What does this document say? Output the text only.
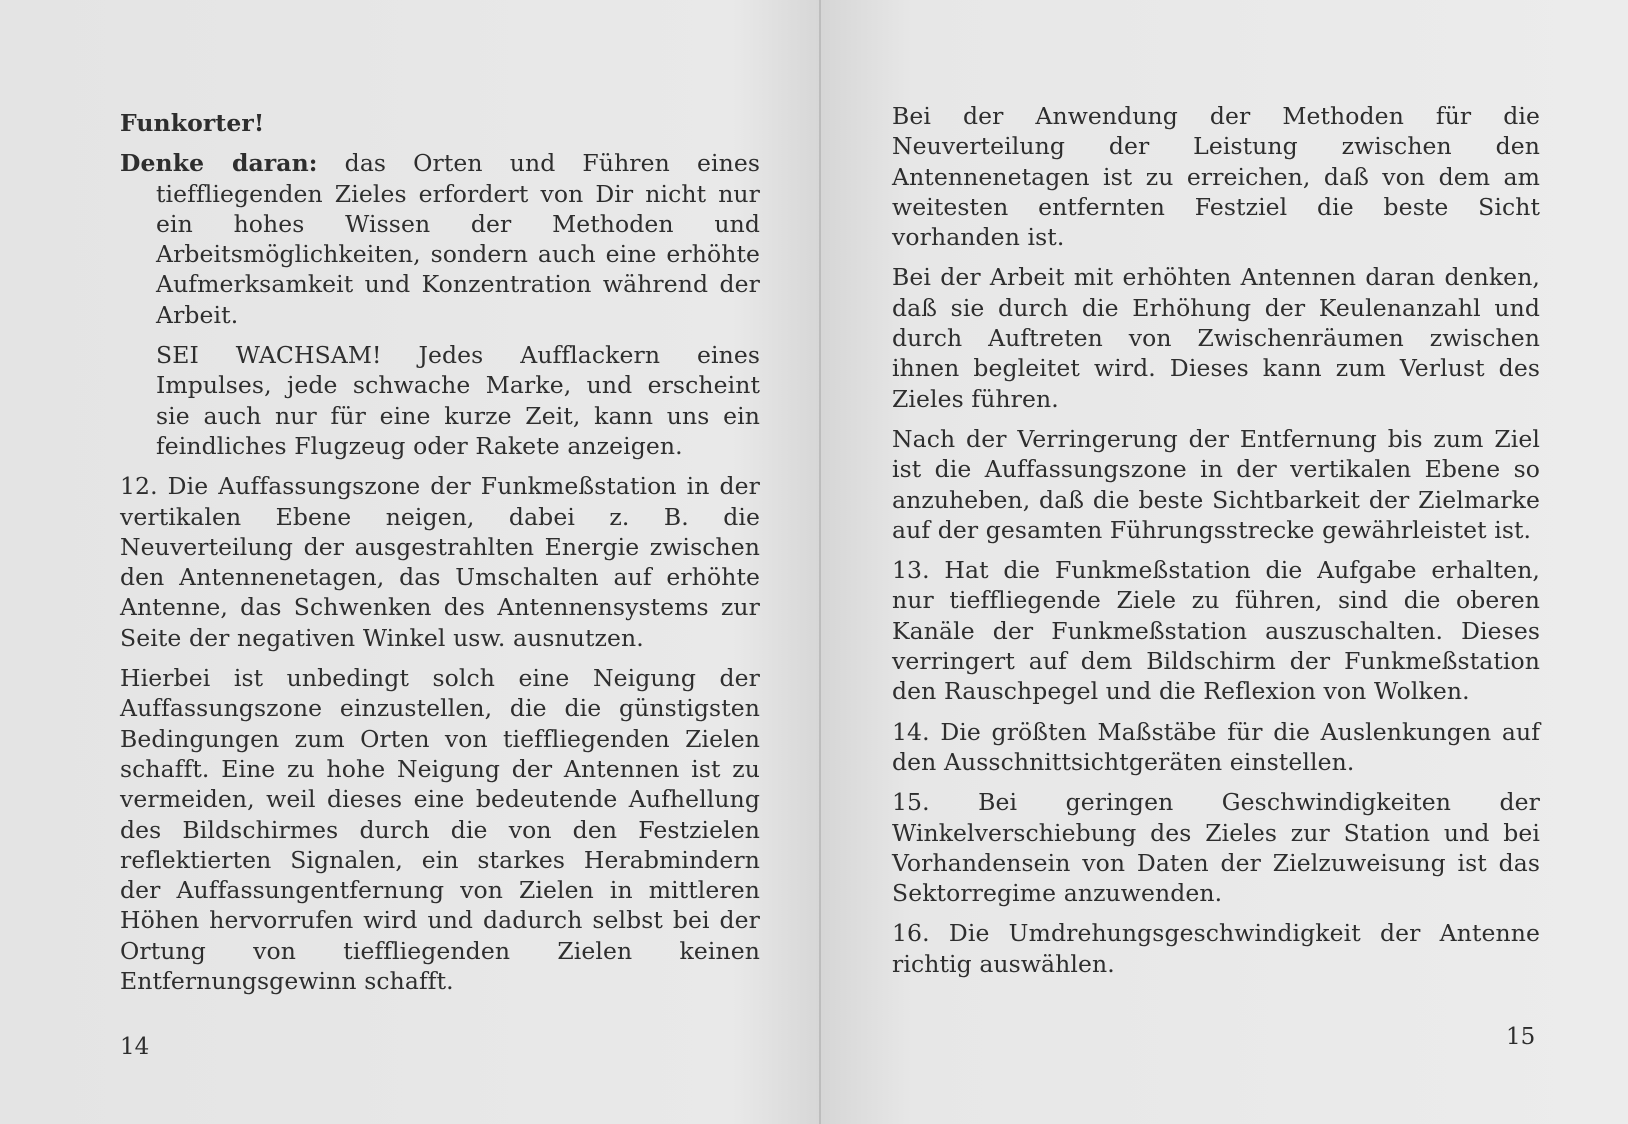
Funkorter!
Denke daran: das Orten und Führen eines tieffliegenden Zieles erfordert von Dir nicht nur ein hohes Wissen der Methoden und Arbeitsmöglichkeiten, sondern auch eine erhöhte Aufmerksamkeit und Konzentration während der Arbeit.
SEI WACHSAM! Jedes Aufflackern eines Impulses, jede schwache Marke, und erscheint sie auch nur für eine kurze Zeit, kann uns ein feindliches Flugzeug oder Rakete anzeigen.
12. Die Auffassungszone der Funkmeßstation in der vertikalen Ebene neigen, dabei z. B. die Neuverteilung der ausgestrahlten Energie zwischen den Antennenetagen, das Umschalten auf erhöhte Antenne, das Schwenken des Antennensystems zur Seite der negativen Winkel usw. ausnutzen.
Hierbei ist unbedingt solch eine Neigung der Auffassungszone einzustellen, die die günstigsten Bedingungen zum Orten von tieffliegenden Zielen schafft. Eine zu hohe Neigung der Antennen ist zu vermeiden, weil dieses eine bedeutende Aufhellung des Bildschirmes durch die von den Festzielen reflektierten Signalen, ein starkes Herabmindern der Auffassungentfernung von Zielen in mittleren Höhen hervorrufen wird und dadurch selbst bei der Ortung von tieffliegenden Zielen keinen Entfernungsgewinn schafft.
14
Bei der Anwendung der Methoden für die Neuverteilung der Leistung zwischen den Antennenetagen ist zu erreichen, daß von dem am weitesten entfernten Festziel die beste Sicht vorhanden ist.
Bei der Arbeit mit erhöhten Antennen daran denken, daß sie durch die Erhöhung der Keulenanzahl und durch Auftreten von Zwischenräumen zwischen ihnen begleitet wird. Dieses kann zum Verlust des Zieles führen.
Nach der Verringerung der Entfernung bis zum Ziel ist die Auffassungszone in der vertikalen Ebene so anzuheben, daß die beste Sichtbarkeit der Zielmarke auf der gesamten Führungsstrecke gewährleistet ist.
13. Hat die Funkmeßstation die Aufgabe erhalten, nur tieffliegende Ziele zu führen, sind die oberen Kanäle der Funkmeßstation auszuschalten. Dieses verringert auf dem Bildschirm der Funkmeßstation den Rauschpegel und die Reflexion von Wolken.
14. Die größten Maßstäbe für die Auslenkungen auf den Ausschnittsichtgeräten einstellen.
15. Bei geringen Geschwindigkeiten der Winkelverschiebung des Zieles zur Station und bei Vorhandensein von Daten der Zielzuweisung ist das Sektorregime anzuwenden.
16. Die Umdrehungsgeschwindigkeit der Antenne richtig auswählen.
15
